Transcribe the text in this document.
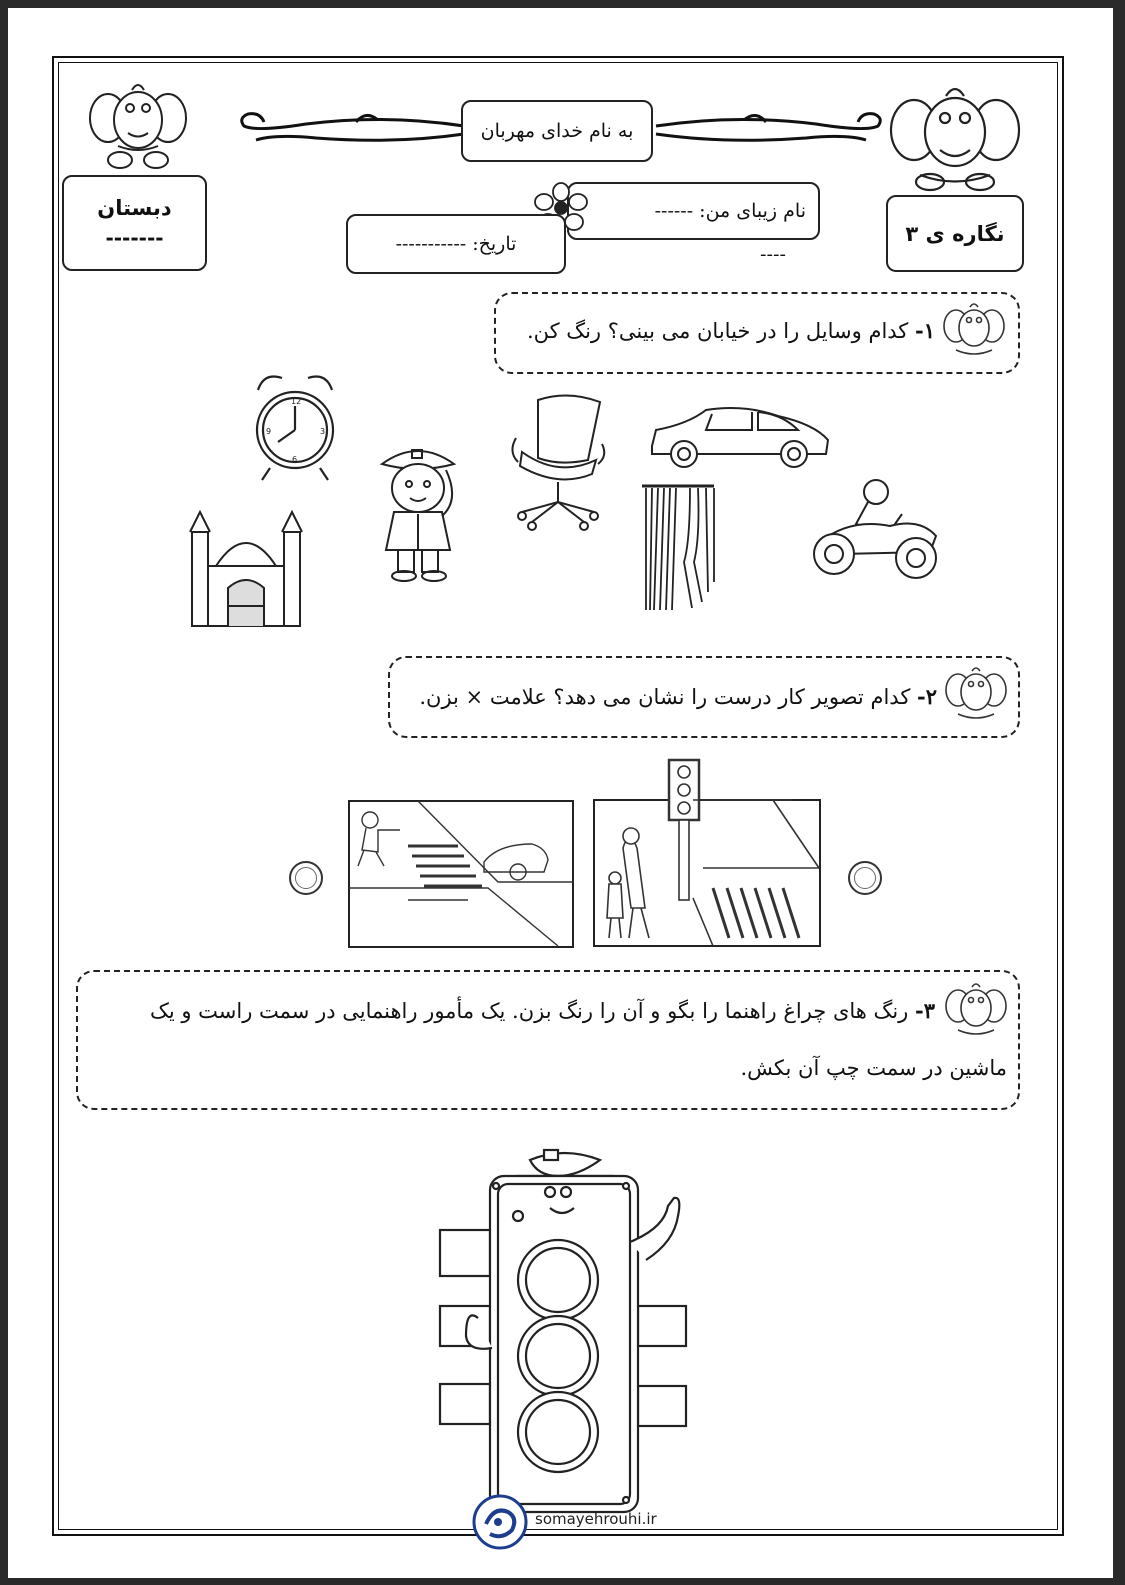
به نام خدای مهربان
دبستان
-------	نگاره ی ۳
نام زیبای من: ------
----
تاریخ: -----------
۱- کدام وسایل را در خیابان می بینی؟ رنگ کن.
12
3
6
9
۲- کدام تصویر کار درست را نشان می دهد؟ علامت × بزن.
۳- رنگ های چراغ راهنما را بگو و آن را رنگ بزن. یک مأمور راهنمایی در سمت راست و یک
ماشین در سمت چپ آن بکش.
somayehrouhi.ir
